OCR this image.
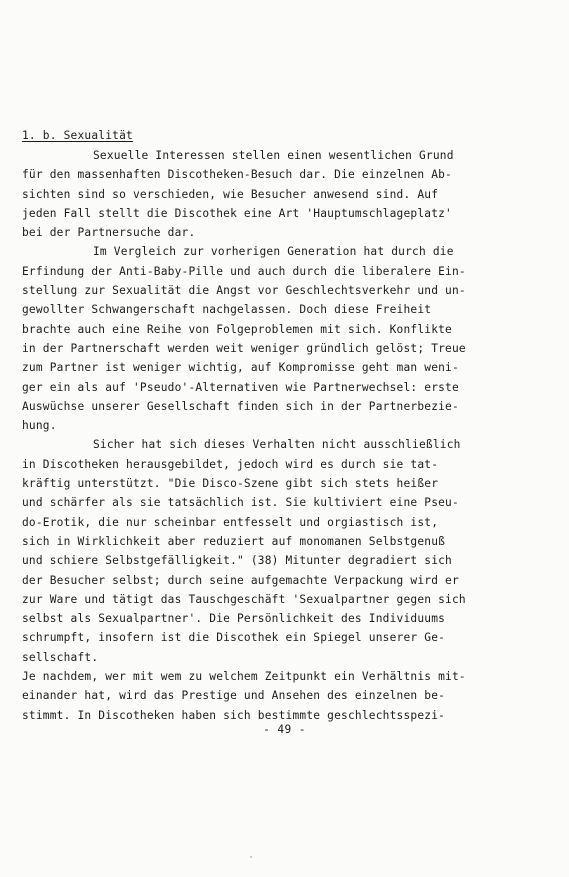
1. b. Sexualität
Sexuelle Interessen stellen einen wesentlichen Grund
für den massenhaften Discotheken-Besuch dar. Die einzelnen Ab-
sichten sind so verschieden, wie Besucher anwesend sind. Auf
jeden Fall stellt die Discothek eine Art 'Hauptumschlageplatz'
bei der Partnersuche dar.
Im Vergleich zur vorherigen Generation hat durch die
Erfindung der Anti-Baby-Pille und auch durch die liberalere Ein-
stellung zur Sexualität die Angst vor Geschlechtsverkehr und un-
gewollter Schwangerschaft nachgelassen. Doch diese Freiheit
brachte auch eine Reihe von Folgeproblemen mit sich. Konflikte
in der Partnerschaft werden weit weniger gründlich gelöst; Treue
zum Partner ist weniger wichtig, auf Kompromisse geht man weni-
ger ein als auf 'Pseudo'-Alternativen wie Partnerwechsel: erste
Auswüchse unserer Gesellschaft finden sich in der Partnerbezie-
hung.
Sicher hat sich dieses Verhalten nicht ausschließlich
in Discotheken herausgebildet, jedoch wird es durch sie tat-
kräftig unterstützt. "Die Disco-Szene gibt sich stets heißer
und schärfer als sie tatsächlich ist. Sie kultiviert eine Pseu-
do-Erotik, die nur scheinbar entfesselt und orgiastisch ist,
sich in Wirklichkeit aber reduziert auf monomanen Selbstgenuß
und schiere Selbstgefälligkeit." (38) Mitunter degradiert sich
der Besucher selbst; durch seine aufgemachte Verpackung wird er
zur Ware und tätigt das Tauschgeschäft 'Sexualpartner gegen sich
selbst als Sexualpartner'. Die Persönlichkeit des Individuums
schrumpft, insofern ist die Discothek ein Spiegel unserer Ge-
sellschaft.
Je nachdem, wer mit wem zu welchem Zeitpunkt ein Verhältnis mit-
einander hat, wird das Prestige und Ansehen des einzelnen be-
stimmt. In Discotheken haben sich bestimmte geschlechtsspezi-
- 49 -
